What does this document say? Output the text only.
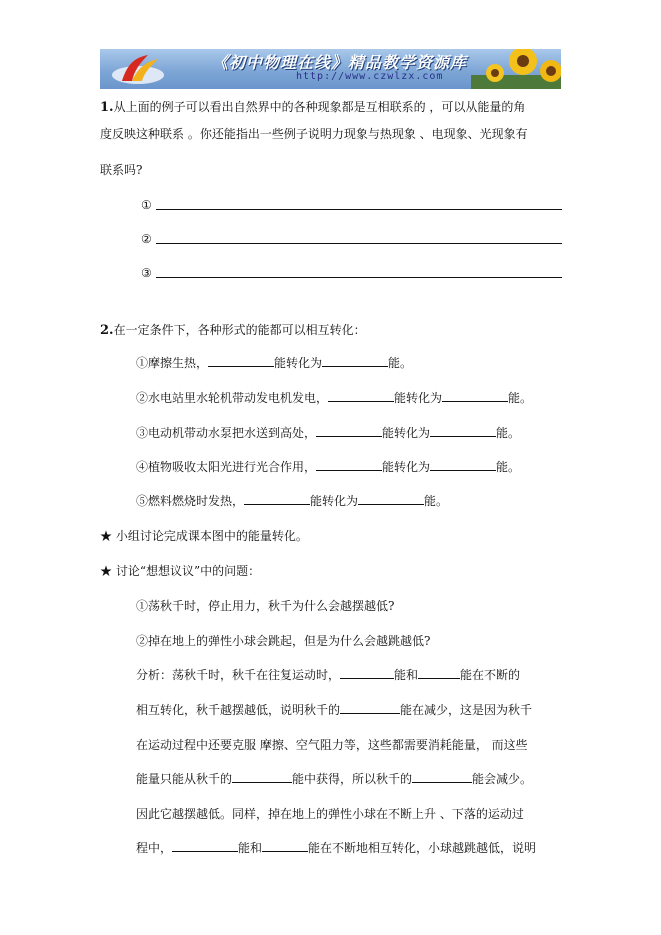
《初中物理在线》精品教学资源库
http://www.czwlzx.com
1.从上面的例子可以看出自然界中的各种现象都是互相联系的 ，可以从能量的角
度反映这种联系 。你还能指出一些例子说明力现象与热现象 、电现象、光现象有
联系吗?
①
②
③
2.在一定条件下，各种形式的能都可以相互转化：
①摩擦生热，	能转化为	能。
②水电站里水轮机带动发电机发电，	能转化为	能。
③电动机带动水泵把水送到高处，	能转化为	能。
④植物吸收太阳光进行光合作用，	能转化为	能。
⑤燃料燃烧时发热，	能转化为	能。
★ 小组讨论完成课本图中的能量转化。
★ 讨论“想想议议”中的问题：
①荡秋千时，停止用力，秋千为什么会越摆越低?
②掉在地上的弹性小球会跳起，但是为什么会越跳越低?
分析：荡秋千时，秋千在往复运动时，	能和	能在不断的
相互转化，秋千越摆越低，说明秋千的	能在减少，这是因为秋千
在运动过程中还要克服 摩擦、空气阻力等，这些都需要消耗能量， 而这些
能量只能从秋千的	能中获得，所以秋千的	能会减少。
因此它越摆越低。同样，掉在地上的弹性小球在不断上升 、下落的运动过
程中，	能和	能在不断地相互转化，小球越跳越低，说明
